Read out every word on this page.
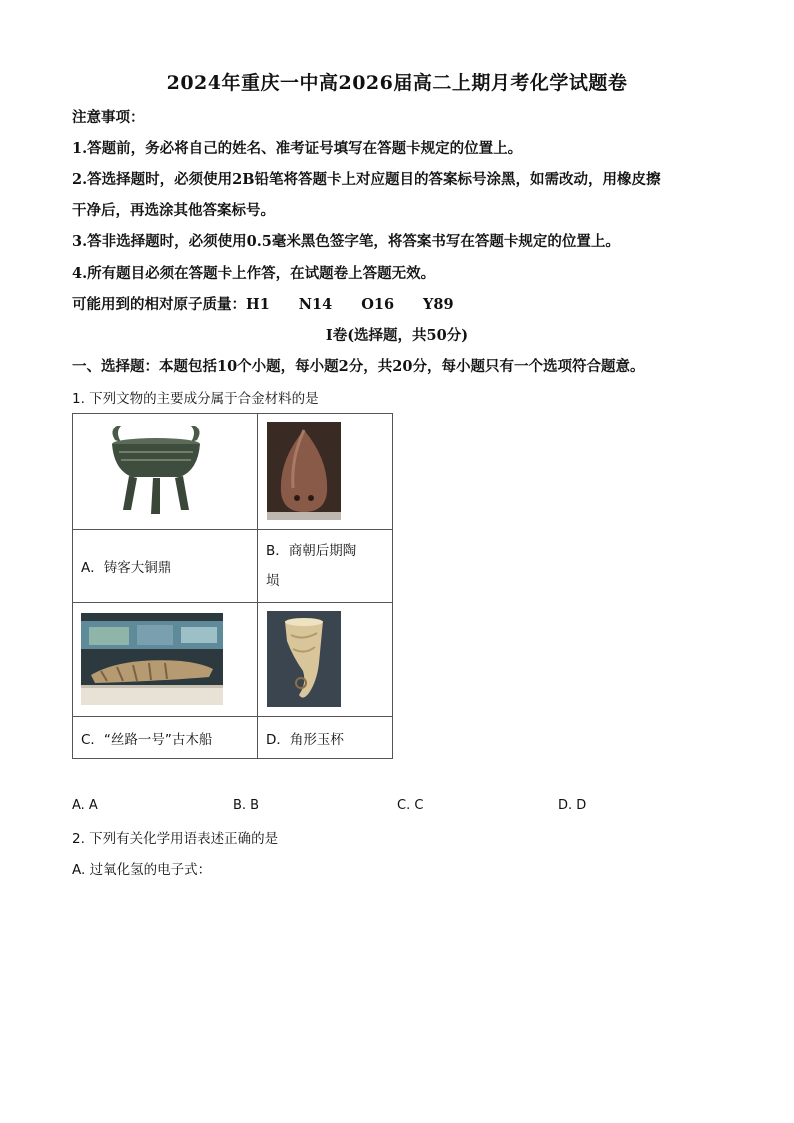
2024年重庆一中高2026届高二上期月考化学试题卷
注意事项：
1.答题前，务必将自己的姓名、准考证号填写在答题卡规定的位置上。
2.答选择题时，必须使用2B铅笔将答题卡上对应题目的答案标号涂黑，如需改动，用橡皮擦
干净后，再选涂其他答案标号。
3.答非选择题时，必须使用0.5毫米黑色签字笔，将答案书写在答题卡规定的位置上。
4.所有题目必须在答题卡上作答，在试题卷上答题无效。
可能用到的相对原子质量：H1　　N14　　O16　　Y89
Ⅰ卷(选择题，共50分)
一、选择题：本题包括10个小题，每小题2分，共20分，每小题只有一个选项符合题意。
1. 下列文物的主要成分属于合金材料的是

A．铸客大铜鼎	B．商朝后期陶
埙

C．“丝路一号”古木船	D．角形玉杯
A. A	B. B	C. C	D. D
2. 下列有关化学用语表述正确的是
A. 过氧化氢的电子式：
